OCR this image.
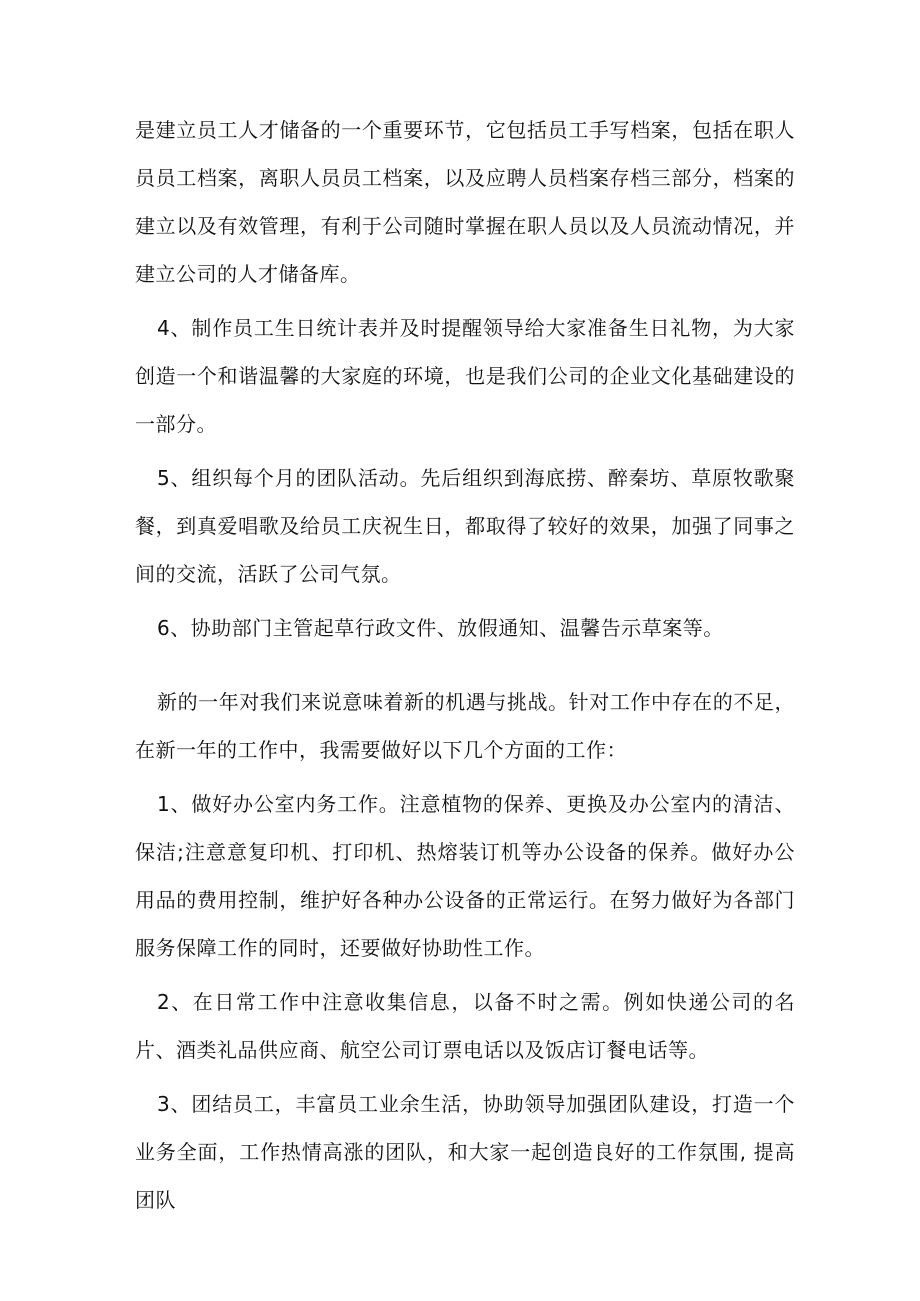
是建立员工人才储备的一个重要环节，它包括员工手写档案，包括在职人员员工档案，离职人员员工档案，以及应聘人员档案存档三部分，档案的建立以及有效管理，有利于公司随时掌握在职人员以及人员流动情况，并建立公司的人才储备库。

4、制作员工生日统计表并及时提醒领导给大家准备生日礼物，为大家创造一个和谐温馨的大家庭的环境，也是我们公司的企业文化基础建设的一部分。

5、组织每个月的团队活动。先后组织到海底捞、醉秦坊、草原牧歌聚餐，到真爱唱歌及给员工庆祝生日，都取得了较好的效果，加强了同事之间的交流，活跃了公司气氛。

6、协助部门主管起草行政文件、放假通知、温馨告示草案等。

新的一年对我们来说意味着新的机遇与挑战。针对工作中存在的不足，在新一年的工作中，我需要做好以下几个方面的工作：

1、做好办公室内务工作。注意植物的保养、更换及办公室内的清洁、保洁;注意意复印机、打印机、热熔装订机等办公设备的保养。做好办公用品的费用控制，维护好各种办公设备的正常运行。在努力做好为各部门服务保障工作的同时，还要做好协助性工作。

2、在日常工作中注意收集信息，以备不时之需。例如快递公司的名片、酒类礼品供应商、航空公司订票电话以及饭店订餐电话等。

3、团结员工，丰富员工业余生活，协助领导加强团队建设，打造一个业务全面，工作热情高涨的团队，和大家一起创造良好的工作氛围, 提高团队
